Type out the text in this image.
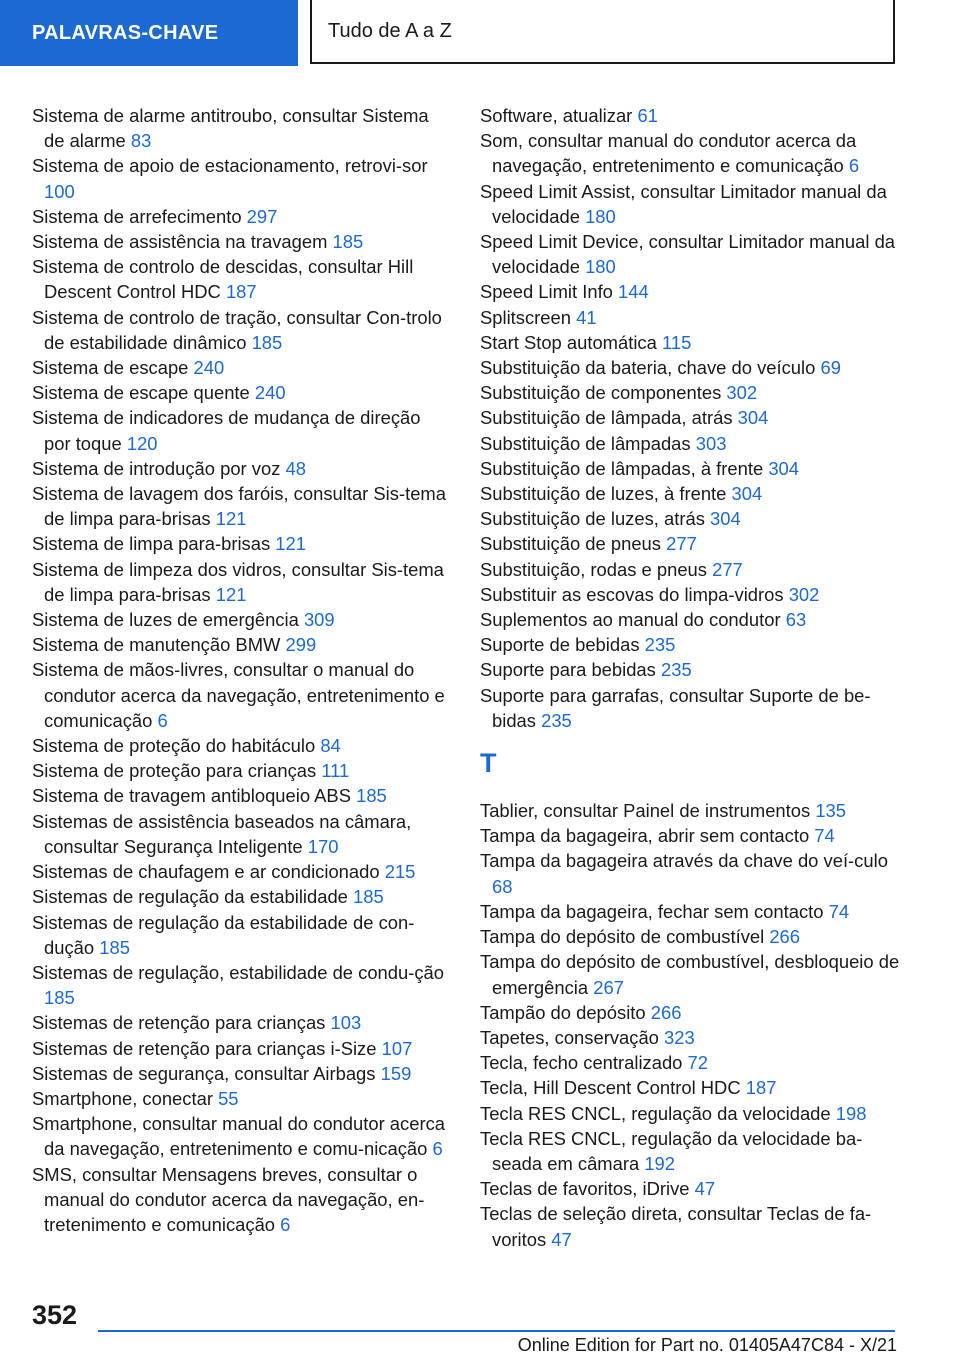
PALAVRAS-CHAVE	Tudo de A a Z
Sistema de alarme antitroubo, consultar Sistema de alarme 83
Sistema de apoio de estacionamento, retrovi-sor 100
Sistema de arrefecimento 297
Sistema de assistência na travagem 185
Sistema de controlo de descidas, consultar Hill Descent Control HDC 187
Sistema de controlo de tração, consultar Con-trolo de estabilidade dinâmico 185
Sistema de escape 240
Sistema de escape quente 240
Sistema de indicadores de mudança de direção por toque 120
Sistema de introdução por voz 48
Sistema de lavagem dos faróis, consultar Sis-tema de limpa para-brisas 121
Sistema de limpa para-brisas 121
Sistema de limpeza dos vidros, consultar Sis-tema de limpa para-brisas 121
Sistema de luzes de emergência 309
Sistema de manutenção BMW 299
Sistema de mãos-livres, consultar o manual do condutor acerca da navegação, entretenimento e comunicação 6
Sistema de proteção do habitáculo 84
Sistema de proteção para crianças 111
Sistema de travagem antibloqueio ABS 185
Sistemas de assistência baseados na câmara, consultar Segurança Inteligente 170
Sistemas de chaufagem e ar condicionado 215
Sistemas de regulação da estabilidade 185
Sistemas de regulação da estabilidade de con-dução 185
Sistemas de regulação, estabilidade de condu-ção 185
Sistemas de retenção para crianças 103
Sistemas de retenção para crianças i-Size 107
Sistemas de segurança, consultar Airbags 159
Smartphone, conectar 55
Smartphone, consultar manual do condutor acerca da navegação, entretenimento e comu-nicação 6
SMS, consultar Mensagens breves, consultar o manual do condutor acerca da navegação, en-tretenimento e comunicação 6
Software, atualizar 61
Som, consultar manual do condutor acerca da navegação, entretenimento e comunicação 6
Speed Limit Assist, consultar Limitador manual da velocidade 180
Speed Limit Device, consultar Limitador manual da velocidade 180
Speed Limit Info 144
Splitscreen 41
Start Stop automática 115
Substituição da bateria, chave do veículo 69
Substituição de componentes 302
Substituição de lâmpada, atrás 304
Substituição de lâmpadas 303
Substituição de lâmpadas, à frente 304
Substituição de luzes, à frente 304
Substituição de luzes, atrás 304
Substituição de pneus 277
Substituição, rodas e pneus 277
Substituir as escovas do limpa-vidros 302
Suplementos ao manual do condutor 63
Suporte de bebidas 235
Suporte para bebidas 235
Suporte para garrafas, consultar Suporte de be-bidas 235
T
Tablier, consultar Painel de instrumentos 135
Tampa da bagageira, abrir sem contacto 74
Tampa da bagageira através da chave do veí-culo 68
Tampa da bagageira, fechar sem contacto 74
Tampa do depósito de combustível 266
Tampa do depósito de combustível, desbloqueio de emergência 267
Tampão do depósito 266
Tapetes, conservação 323
Tecla, fecho centralizado 72
Tecla, Hill Descent Control HDC 187
Tecla RES CNCL, regulação da velocidade 198
Tecla RES CNCL, regulação da velocidade ba-seada em câmara 192
Teclas de favoritos, iDrive 47
Teclas de seleção direta, consultar Teclas de fa-voritos 47
352
Online Edition for Part no. 01405A47C84 - X/21
